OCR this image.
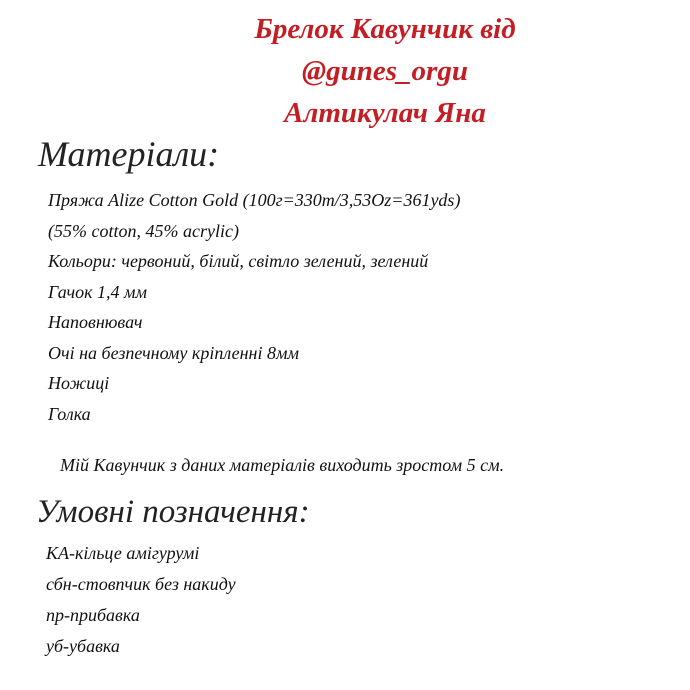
Брелок Кавунчик від
@gunes_orgu
Алтикулач Яна
Матеріали:
Пряжа Alize Cotton Gold (100г=330m/3,53Oz=361yds)
(55% cotton, 45% acrylic)
Кольори: червоний, білий, світло зелений, зелений
Гачок 1,4 мм
Наповнювач
Очі на безпечному кріпленні 8мм
Ножиці
Голка
Мій Кавунчик з даних матеріалів виходить зростом 5 см.
Умовні позначення:
КА-кільце амігурумі
сбн-стовпчик без накиду
пр-прибавка
уб-убавка
